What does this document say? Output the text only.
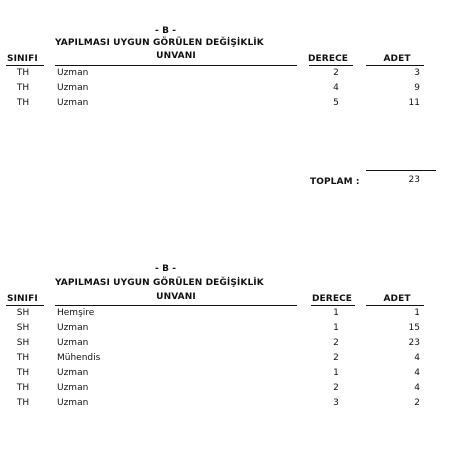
- B -
YAPILMASI UYGUN GÖRÜLEN DEĞİŞİKLİK
SINIFI	UNVANI	DERECE	ADET
TH	Uzman	2	3
TH	Uzman	4	9
TH	Uzman	5	11
TOPLAM :	23
- B -
YAPILMASI UYGUN GÖRÜLEN DEĞİŞİKLİK
SINIFI	UNVANI	DERECE	ADET
SH	Hemşire	1	1
SH	Uzman	1	15
SH	Uzman	2	23
TH	Mühendis	2	4
TH	Uzman	1	4
TH	Uzman	2	4
TH	Uzman	3	2
